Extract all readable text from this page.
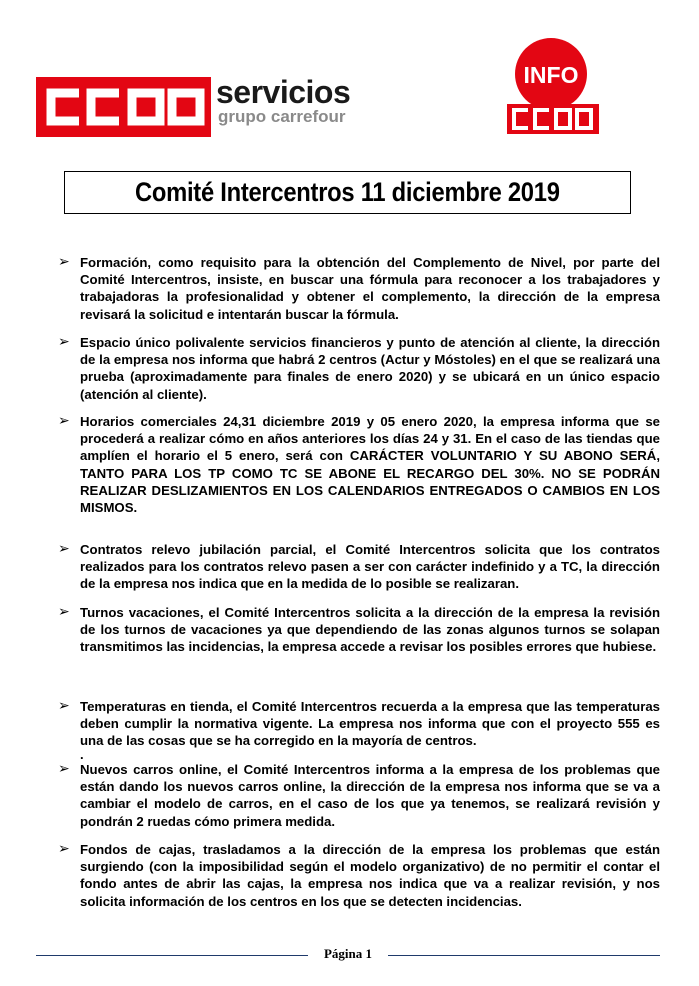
servicios
grupo carrefour
INFO
Comité Intercentros 11 diciembre 2019
➢ Formación, como requisito para la obtención del Complemento de Nivel, por parte del Comité Intercentros, insiste, en buscar una fórmula para reconocer a los trabajadores y trabajadoras la profesionalidad y obtener el complemento, la dirección de la empresa revisará la solicitud e intentarán buscar la fórmula.
➢ Espacio único polivalente servicios financieros y punto de atención al cliente, la dirección de la empresa nos informa que habrá 2 centros (Actur y Móstoles) en el que se realizará una prueba (aproximadamente para finales de enero 2020) y se ubicará en un único espacio (atención al cliente).
➢ Horarios comerciales 24,31 diciembre 2019 y 05 enero 2020, la empresa informa que se procederá a realizar cómo en años anteriores los días 24 y 31. En el caso de las tiendas que amplíen el horario el 5 enero, será con CARÁCTER VOLUNTARIO Y SU ABONO SERÁ, TANTO PARA LOS TP COMO TC SE ABONE EL RECARGO DEL 30%. NO SE PODRÁN REALIZAR DESLIZAMIENTOS EN LOS CALENDARIOS ENTREGADOS O CAMBIOS EN LOS MISMOS.
➢ Contratos relevo jubilación parcial, el Comité Intercentros solicita que los contratos realizados para los contratos relevo pasen a ser con carácter indefinido y a TC, la dirección de la empresa nos indica que en la medida de lo posible se realizaran.
➢ Turnos vacaciones, el Comité Intercentros solicita a la dirección de la empresa la revisión de los turnos de vacaciones ya que dependiendo de las zonas algunos turnos se solapan transmitimos las incidencias, la empresa accede a revisar los posibles errores que hubiese.
➢ Temperaturas en tienda, el Comité Intercentros recuerda a la empresa que las temperaturas deben cumplir la normativa vigente. La empresa nos informa que con el proyecto 555 es una de las cosas que se ha corregido en la mayoría de centros.
.
➢ Nuevos carros online, el Comité Intercentros informa a la empresa de los problemas que están dando los nuevos carros online, la dirección de la empresa nos informa que se va a cambiar el modelo de carros, en el caso de los que ya tenemos, se realizará revisión y pondrán 2 ruedas cómo primera medida.
➢ Fondos de cajas, trasladamos a la dirección de la empresa los problemas que están surgiendo (con la imposibilidad según el modelo organizativo) de no permitir el contar el fondo antes de abrir las cajas, la empresa nos indica que va a realizar revisión, y nos solicita información de los centros en los que se detecten incidencias.
Página 1
